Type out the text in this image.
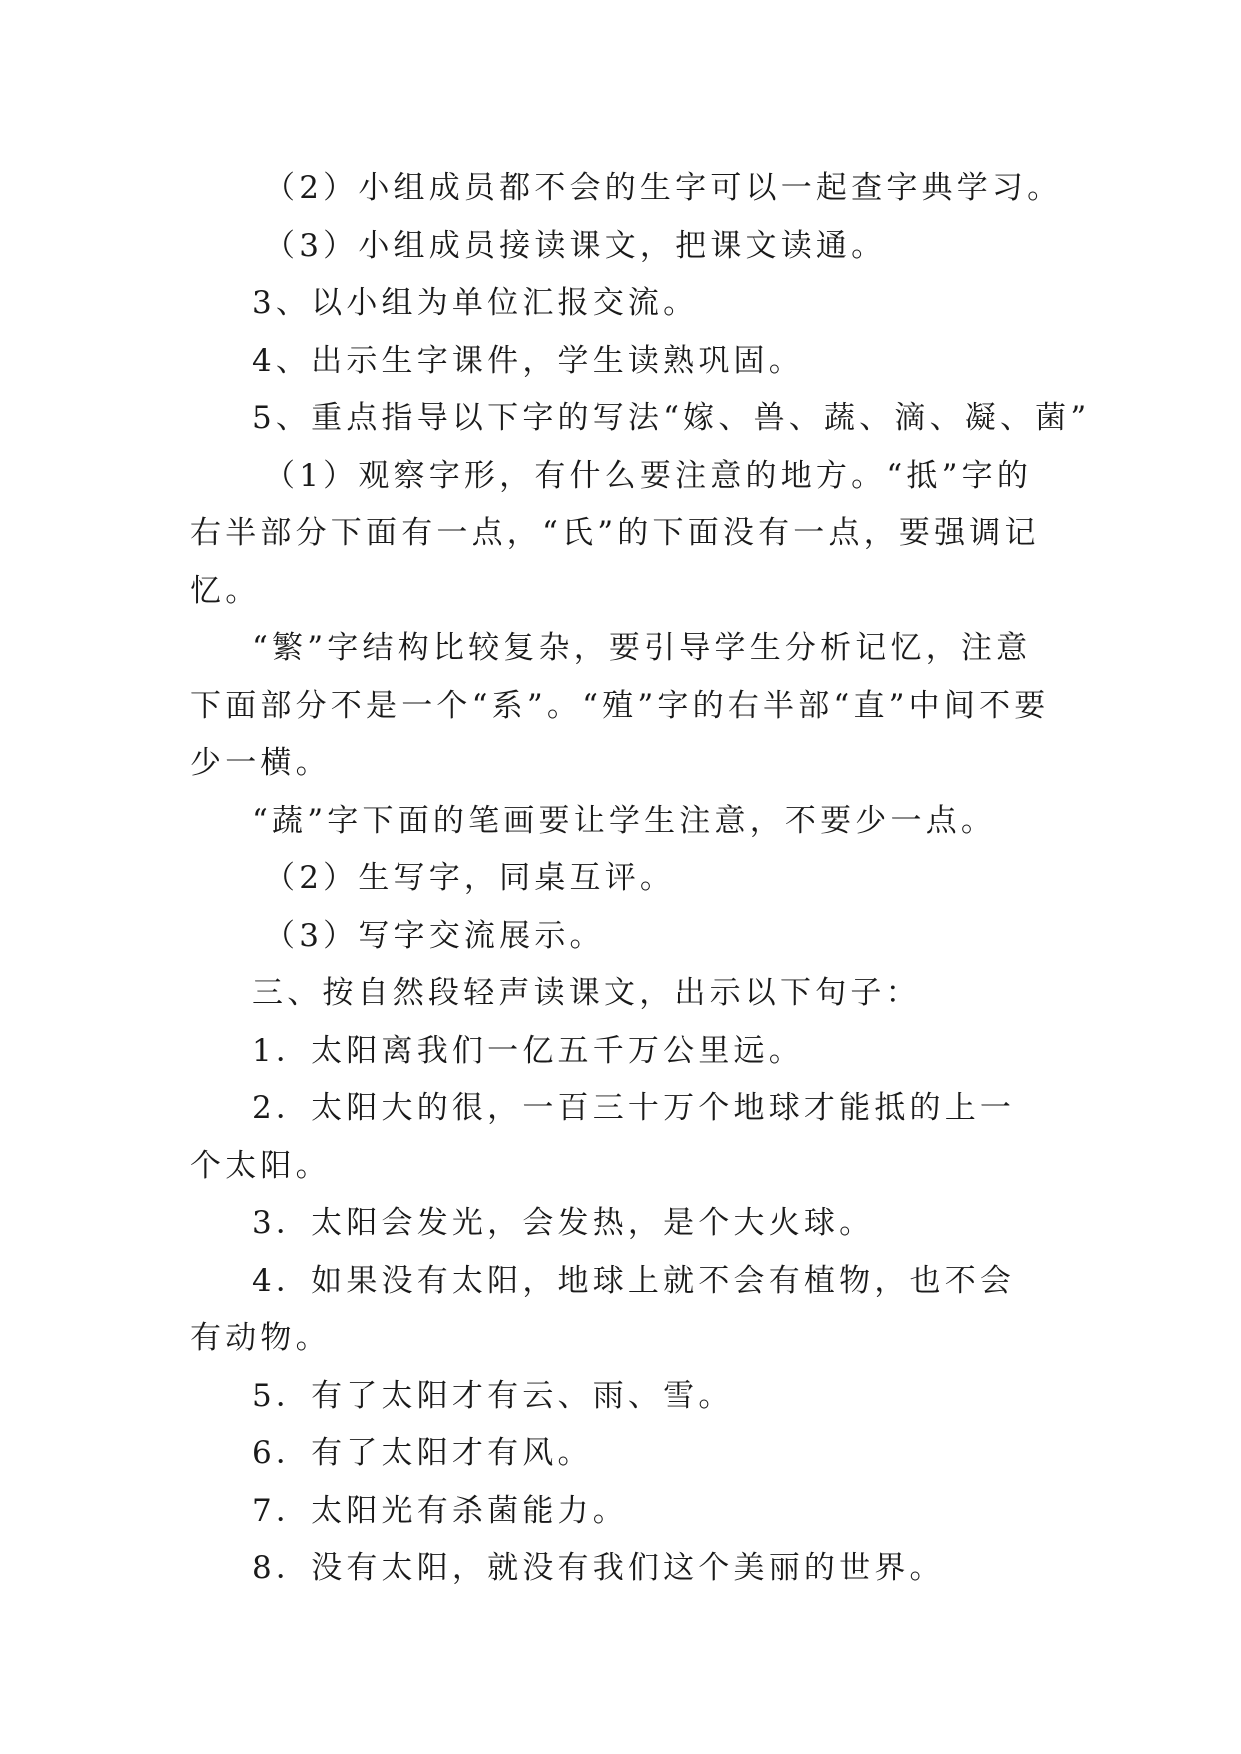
（2）小组成员都不会的生字可以一起查字典学习。

（3）小组成员接读课文，把课文读通。

3、以小组为单位汇报交流。

4、出示生字课件，学生读熟巩固。

5、重点指导以下字的写法“嫁、兽、蔬、滴、凝、菌”

（1）观察字形，有什么要注意的地方。“抵”字的右半部分下面有一点，“氏”的下面没有一点，要强调记忆。

“繁”字结构比较复杂，要引导学生分析记忆，注意下面部分不是一个“系”。“殖”字的右半部“直”中间不要少一横。

“蔬”字下面的笔画要让学生注意，不要少一点。

（2）生写字，同桌互评。

（3）写字交流展示。

三、按自然段轻声读课文，出示以下句子：

1．太阳离我们一亿五千万公里远。

2．太阳大的很，一百三十万个地球才能抵的上一个太阳。

3．太阳会发光，会发热，是个大火球。

4．如果没有太阳，地球上就不会有植物，也不会有动物。

5．有了太阳才有云、雨、雪。

6．有了太阳才有风。

7．太阳光有杀菌能力。

8．没有太阳，就没有我们这个美丽的世界。
